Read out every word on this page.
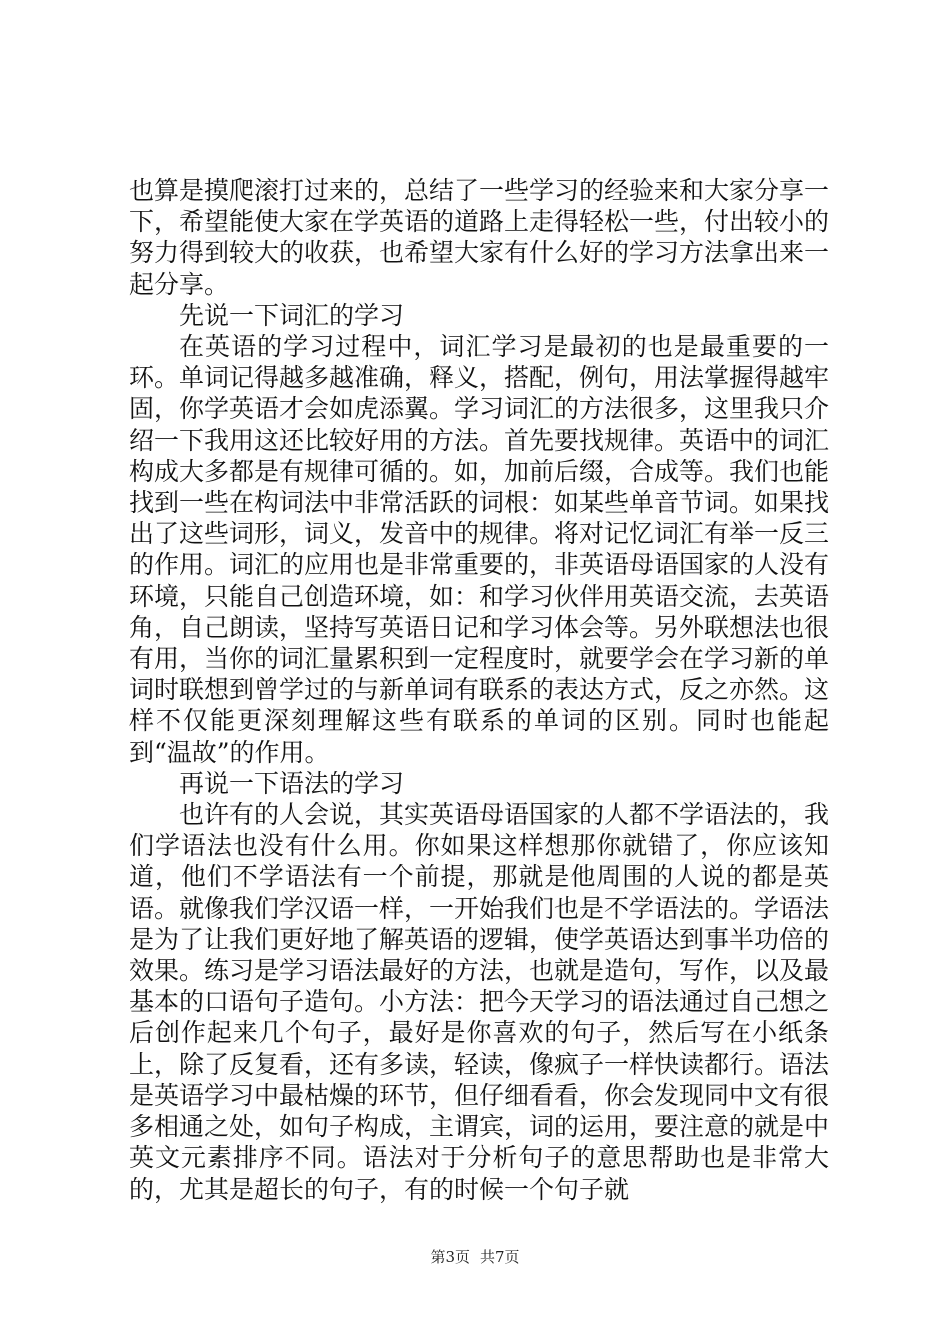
也算是摸爬滚打过来的，总结了一些学习的经验来和大家分享一下，希望能使大家在学英语的道路上走得轻松一些，付出较小的努力得到较大的收获，也希望大家有什么好的学习方法拿出来一起分享。

先说一下词汇的学习

在英语的学习过程中，词汇学习是最初的也是最重要的一环。单词记得越多越准确，释义，搭配，例句，用法掌握得越牢固，你学英语才会如虎添翼。学习词汇的方法很多，这里我只介绍一下我用这还比较好用的方法。首先要找规律。英语中的词汇构成大多都是有规律可循的。如，加前后缀，合成等。我们也能找到一些在构词法中非常活跃的词根：如某些单音节词。如果找出了这些词形，词义，发音中的规律。将对记忆词汇有举一反三的作用。词汇的应用也是非常重要的，非英语母语国家的人没有环境，只能自己创造环境，如：和学习伙伴用英语交流，去英语角，自己朗读，坚持写英语日记和学习体会等。另外联想法也很有用，当你的词汇量累积到一定程度时，就要学会在学习新的单词时联想到曾学过的与新单词有联系的表达方式，反之亦然。这样不仅能更深刻理解这些有联系的单词的区别。同时也能起到“温故”的作用。

再说一下语法的学习

也许有的人会说，其实英语母语国家的人都不学语法的，我们学语法也没有什么用。你如果这样想那你就错了，你应该知道，他们不学语法有一个前提，那就是他周围的人说的都是英语。就像我们学汉语一样，一开始我们也是不学语法的。学语法是为了让我们更好地了解英语的逻辑，使学英语达到事半功倍的效果。练习是学习语法最好的方法，也就是造句，写作，以及最基本的口语句子造句。小方法：把今天学习的语法通过自己想之后创作起来几个句子，最好是你喜欢的句子，然后写在小纸条上，除了反复看，还有多读，轻读，像疯子一样快读都行。语法是英语学习中最枯燥的环节，但仔细看看，你会发现同中文有很多相通之处，如句子构成，主谓宾，词的运用，要注意的就是中英文元素排序不同。语法对于分析句子的意思帮助也是非常大的，尤其是超长的句子，有的时候一个句子就

第3页 共7页
